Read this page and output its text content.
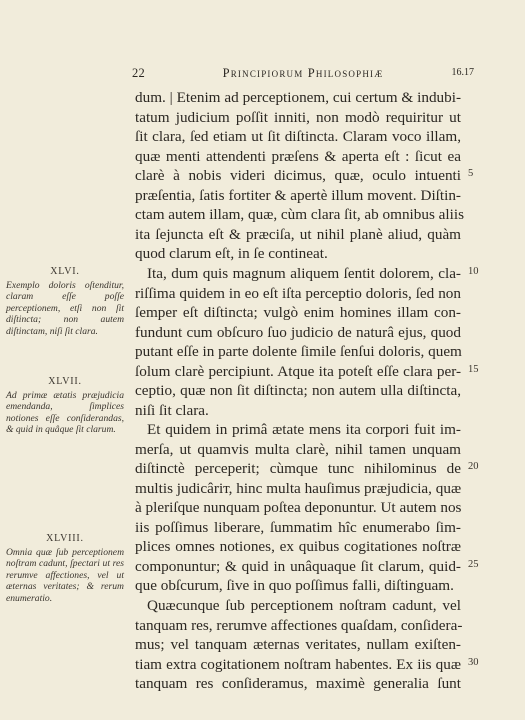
22	Principiorum Philosophiæ	16.17
dum. | Etenim ad perceptionem, cui certum & indubi-
tatum judicium poſſit inniti, non modò requiritur ut
ſit clara, ſed etiam ut ſit diſtincta. Claram voco illam,
quæ menti attendenti præſens & apertа eſt : ſicut ea
clarè à nobis videri dicimus, quæ, oculo intuenti
præſentia, ſatis fortiter & apertè illum movent. Diſtin-
ctam autem illam, quæ, cùm clara ſit, ab omnibus aliis
ita ſejuncta eſt & præciſa, ut nihil planè aliud, quàm
quod clarum eſt, in ſe contineat.
Ita, dum quis magnum aliquem ſentit dolorem, cla-
riſſima quidem in eo eſt iſta perceptio doloris, ſed non
ſemper eſt diſtincta; vulgò enim homines illam con-
fundunt cum obſcuro ſuo judicio de naturâ ejus, quod
putant eſſe in parte dolente ſimile ſenſui doloris, quem
ſolum clarè percipiunt. Atque ita poteſt eſſe clara per-
ceptio, quæ non ſit diſtincta; non autem ulla diſtincta,
niſi ſit clara.
Et quidem in primâ ætate mens ita corpori fuit im-
merſa, ut quamvis multa clarè, nihil tamen unquam
diſtinctè perceperit; cùmque tunc nihilominus de
multis judicâriт, hinc multa hauſimus præjudicia, quæ
à pleriſque nunquam poſtea deponuntur. Ut autem nos
iis poſſimus liberare, ſummatim hîc enumerabo ſim-
plices omnes notiones, ex quibus cogitationes noſtræ
componuntur; & quid in unâquaque ſit clarum, quid-
que obſcurum, ſive in quo poſſimus falli, diſtinguam.
Quæcunque ſub perceptionem noſtram cadunt, vel
tanquam res, rerumve affectiones quaſdam, conſidera-
mus; vel tanquam æternas veritates, nullam exiſten-
tiam extra cogitationem noſtram habentes. Ex iis quæ
tanquam res conſideramus, maximè generalia ſunt
5
10
15
20
25
30
XLVI.
Exemplo doloris oſtenditur, claram eſſe poſſe perceptionem, etſi non ſit diſtincta; non autem diſtinctam, niſi ſit clara.
XLVII.
Ad primæ ætatis præjudicia emendanda, ſimplices notiones eſſe conſiderandas, & quid in quâque ſit clarum.
XLVIII.
Omnia quæ ſub perceptionem noſtram cadunt, ſpectari ut res rerumve affectiones, vel ut æternas veritates; & rerum enumeratio.
